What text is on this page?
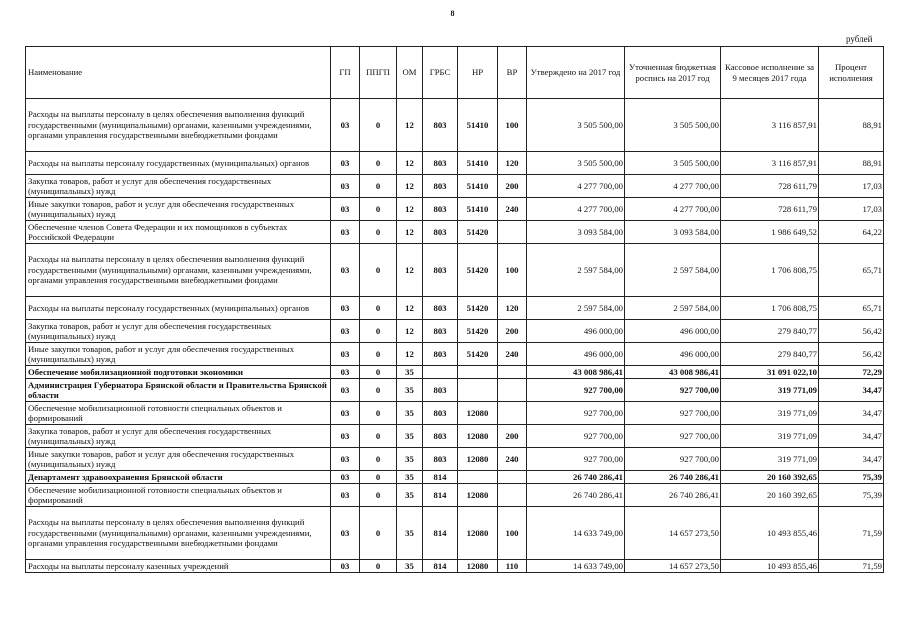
8
рублей
Наименование	ГП	ППГП	ОМ	ГРБС	НР	ВР	Утверждено на 2017 год	Уточненная бюджетная роспись на 2017 год	Кассовое исполнение за 9 месяцев 2017 года	Процент исполнения
Расходы на выплаты персоналу в целях обеспечения выполнения функций государственными (муниципальными) органами, казенными учреждениями, органами управления государственными внебюджетными фондами	03	0	12	803	51410	100	3 505 500,00	3 505 500,00	3 116 857,91	88,91
Расходы на выплаты персоналу государственных (муниципальных) органов	03	0	12	803	51410	120	3 505 500,00	3 505 500,00	3 116 857,91	88,91
Закупка товаров, работ и услуг для обеспечения государственных (муниципальных) нужд	03	0	12	803	51410	200	4 277 700,00	4 277 700,00	728 611,79	17,03
Иные закупки товаров, работ и услуг для обеспечения государственных (муниципальных) нужд	03	0	12	803	51410	240	4 277 700,00	4 277 700,00	728 611,79	17,03
Обеспечение членов Совета Федерации и их помощников в субъектах Российской Федерации	03	0	12	803	51420		3 093 584,00	3 093 584,00	1 986 649,52	64,22
Расходы на выплаты персоналу в целях обеспечения выполнения функций государственными (муниципальными) органами, казенными учреждениями, органами управления государственными внебюджетными фондами	03	0	12	803	51420	100	2 597 584,00	2 597 584,00	1 706 808,75	65,71
Расходы на выплаты персоналу государственных (муниципальных) органов	03	0	12	803	51420	120	2 597 584,00	2 597 584,00	1 706 808,75	65,71
Закупка товаров, работ и услуг для обеспечения государственных (муниципальных) нужд	03	0	12	803	51420	200	496 000,00	496 000,00	279 840,77	56,42
Иные закупки товаров, работ и услуг для обеспечения государственных (муниципальных) нужд	03	0	12	803	51420	240	496 000,00	496 000,00	279 840,77	56,42
Обеспечение мобилизационной подготовки экономики	03	0	35				43 008 986,41	43 008 986,41	31 091 022,10	72,29
Администрация Губернатора Брянской области и Правительства Брянской области	03	0	35	803			927 700,00	927 700,00	319 771,09	34,47
Обеспечение мобилизационной готовности специальных объектов и формирований	03	0	35	803	12080		927 700,00	927 700,00	319 771,09	34,47
Закупка товаров, работ и услуг для обеспечения государственных (муниципальных) нужд	03	0	35	803	12080	200	927 700,00	927 700,00	319 771,09	34,47
Иные закупки товаров, работ и услуг для обеспечения государственных (муниципальных) нужд	03	0	35	803	12080	240	927 700,00	927 700,00	319 771,09	34,47
Департамент здравоохранения Брянской области	03	0	35	814			26 740 286,41	26 740 286,41	20 160 392,65	75,39
Обеспечение мобилизационной готовности специальных объектов и формирований	03	0	35	814	12080		26 740 286,41	26 740 286,41	20 160 392,65	75,39
Расходы на выплаты персоналу в целях обеспечения выполнения функций государственными (муниципальными) органами, казенными учреждениями, органами управления государственными внебюджетными фондами	03	0	35	814	12080	100	14 633 749,00	14 657 273,50	10 493 855,46	71,59
Расходы на выплаты персоналу казенных учреждений	03	0	35	814	12080	110	14 633 749,00	14 657 273,50	10 493 855,46	71,59
